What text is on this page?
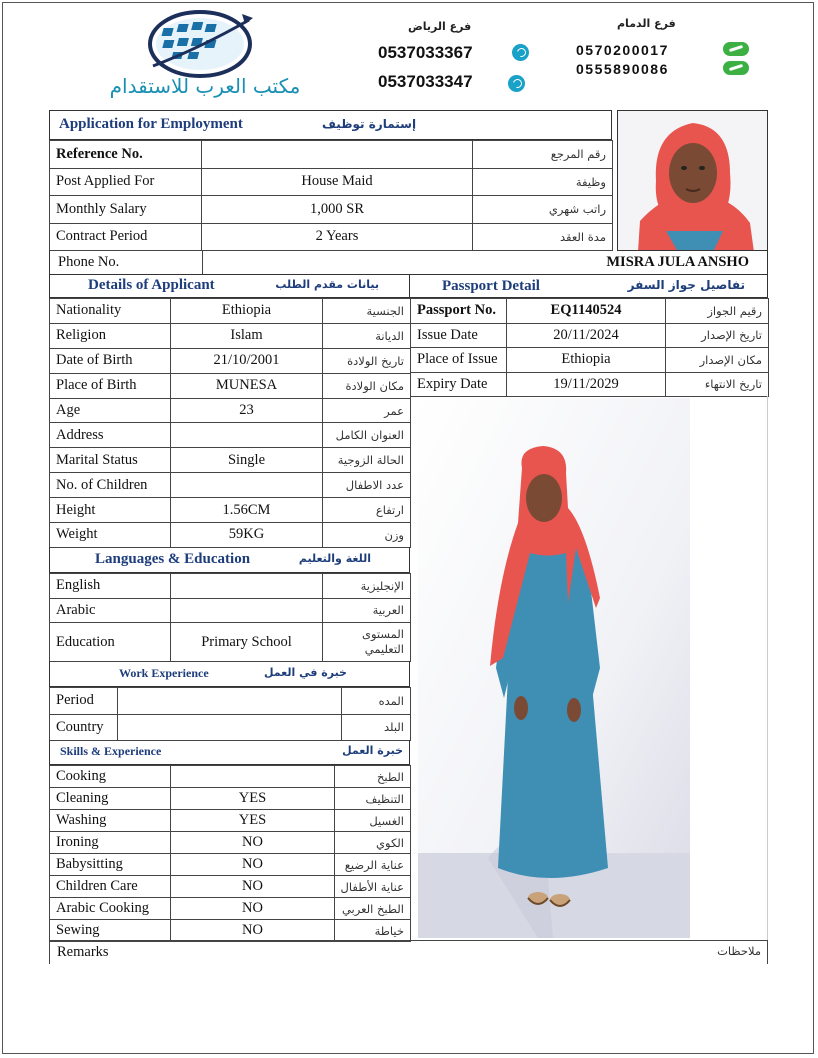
مكتب العرب للاستقدام
فرع الرياض
0537033367
0537033347
فرع الدمام
0570200017
0555890086
Application for Employment	إستمارة توظيف
Reference No.		رقم المرجع
Post Applied For	House Maid	وظيفة
Monthly Salary	1,000 SR	راتب شهري
Contract Period	2 Years	مدة العقد
Phone No.	MISRA JULA ANSHO
Details of Applicant	بيانات مقدم الطلب
Nationality	Ethiopia	الجنسية
Religion	Islam	الديانة
Date of Birth	21/10/2001	تاريخ الولادة
Place of Birth	MUNESA	مكان الولادة
Age	23	عمر
Address		العنوان الكامل
Marital Status	Single	الحالة الزوجية
No. of Children		عدد الاطفال
Height	1.56CM	ارتفاع
Weight	59KG	وزن
Languages & Education	اللغة والتعليم
English		الإنجليزية
Arabic		العربية
Education	Primary School	المستوى التعليمي
Work Experience	خبرة في العمل
Period		المده
Country		البلد
Skills & Experience	خبرة العمل
Cooking		الطبخ
Cleaning	YES	التنظيف
Washing	YES	الغسيل
Ironing	NO	الكوي
Babysitting	NO	عناية الرضيع
Children Care	NO	عناية الأطفال
Arabic Cooking	NO	الطبخ العربي
Sewing	NO	خياطة
Passport Detail	تفاصيل جواز السفر
Passport No.	EQ1140524	رقيم الجواز
Issue Date	20/11/2024	تاريخ الإصدار
Place of Issue	Ethiopia	مكان الإصدار
Expiry Date	19/11/2029	تاريخ الانتهاء
Remarks	ملاحظات
